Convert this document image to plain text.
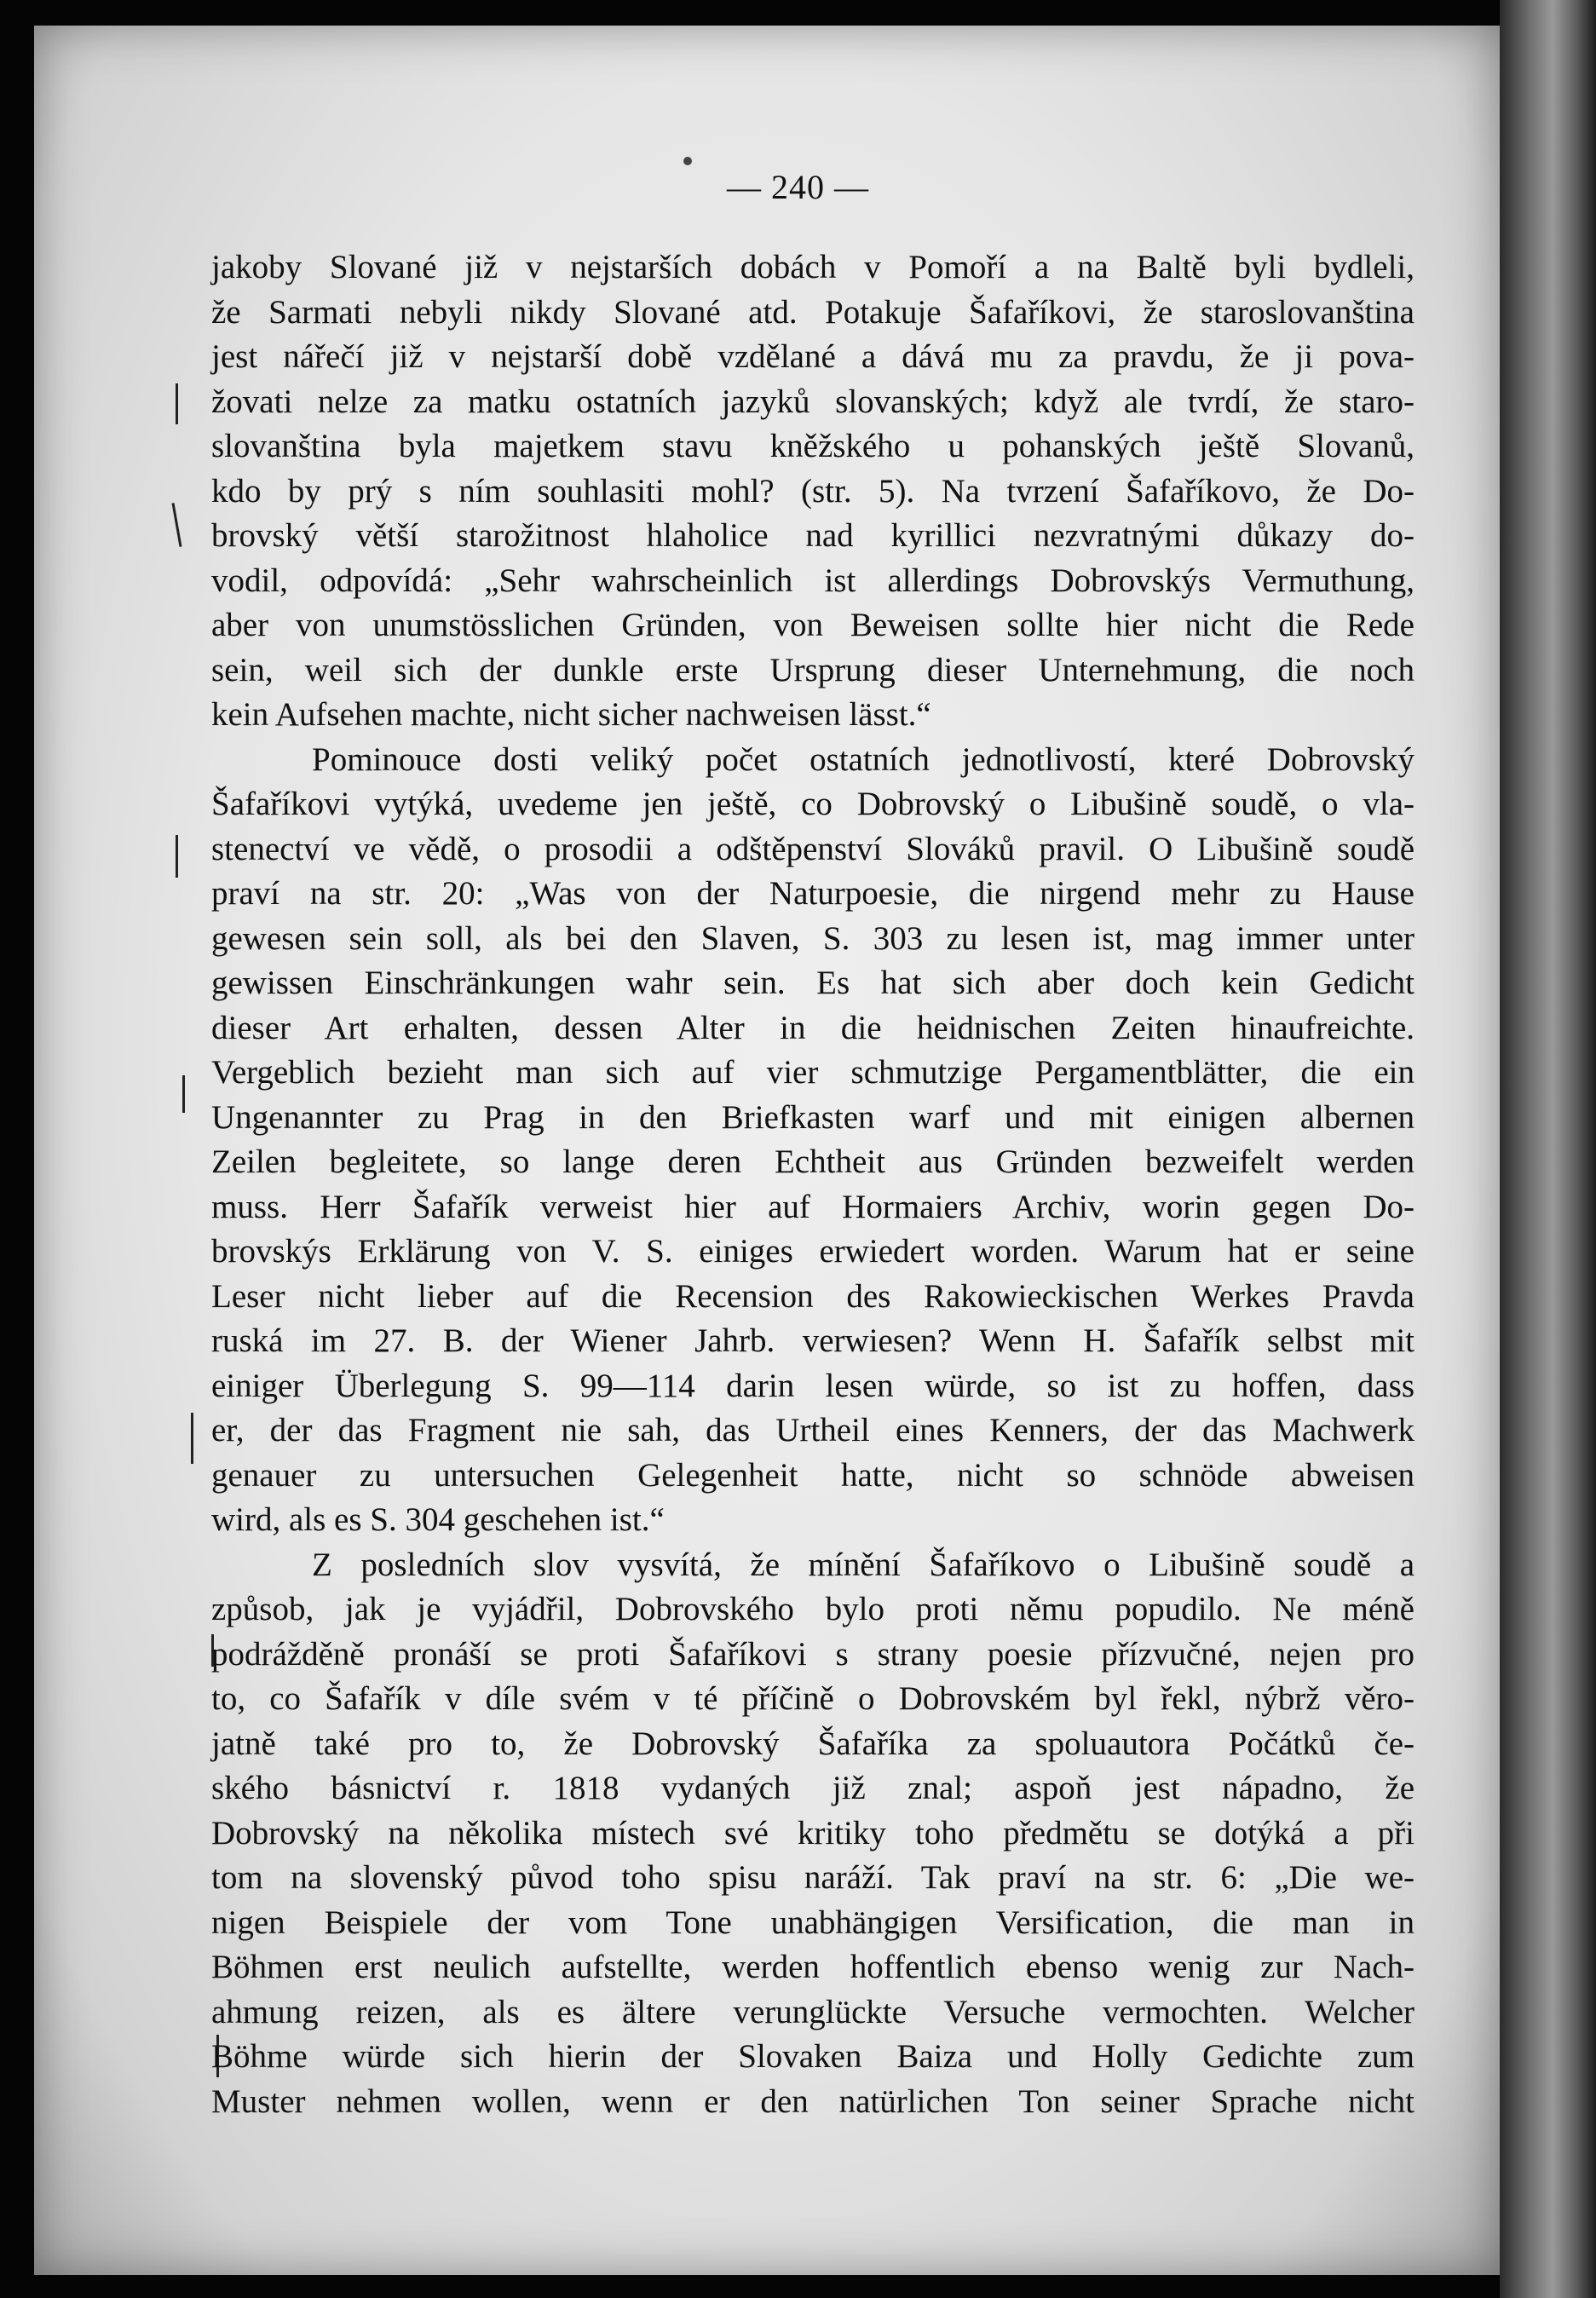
— 240 —
jakoby Slované již v nejstarších dobách v Pomoří a na Baltě byli bydleli,
že Sarmati nebyli nikdy Slované atd. Potakuje Šafaříkovi, že staroslovanština
jest nářečí již v nejstarší době vzdělané a dává mu za pravdu, že ji pova-
žovati nelze za matku ostatních jazyků slovanských; když ale tvrdí, že staro-
slovanština byla majetkem stavu kněžského u pohanských ještě Slovanů,
kdo by prý s ním souhlasiti mohl? (str. 5). Na tvrzení Šafaříkovo, že Do-
brovský větší starožitnost hlaholice nad kyrillici nezvratnými důkazy do-
vodil, odpovídá: „Sehr wahrscheinlich ist allerdings Dobrovskýs Vermuthung,
aber von unumstösslichen Gründen, von Beweisen sollte hier nicht die Rede
sein, weil sich der dunkle erste Ursprung dieser Unternehmung, die noch
kein Aufsehen machte, nicht sicher nachweisen lässt.“
Pominouce dosti veliký počet ostatních jednotlivostí, které Dobrovský
Šafaříkovi vytýká, uvedeme jen ještě, co Dobrovský o Libušině soudě, o vla-
stenectví ve vědě, o prosodii a odštěpenství Slováků pravil. O Libušině soudě
praví na str. 20: „Was von der Naturpoesie, die nirgend mehr zu Hause
gewesen sein soll, als bei den Slaven, S. 303 zu lesen ist, mag immer unter
gewissen Einschränkungen wahr sein. Es hat sich aber doch kein Gedicht
dieser Art erhalten, dessen Alter in die heidnischen Zeiten hinaufreichte.
Vergeblich bezieht man sich auf vier schmutzige Pergamentblätter, die ein
Ungenannter zu Prag in den Briefkasten warf und mit einigen albernen
Zeilen begleitete, so lange deren Echtheit aus Gründen bezweifelt werden
muss. Herr Šafařík verweist hier auf Hormaiers Archiv, worin gegen Do-
brovskýs Erklärung von V. S. einiges erwiedert worden. Warum hat er seine
Leser nicht lieber auf die Recension des Rakowieckischen Werkes Pravda
ruská im 27. B. der Wiener Jahrb. verwiesen? Wenn H. Šafařík selbst mit
einiger Überlegung S. 99—114 darin lesen würde, so ist zu hoffen, dass
er, der das Fragment nie sah, das Urtheil eines Kenners, der das Machwerk
genauer zu untersuchen Gelegenheit hatte, nicht so schnöde abweisen
wird, als es S. 304 geschehen ist.“
Z posledních slov vysvítá, že mínění Šafaříkovo o Libušině soudě a
způsob, jak je vyjádřil, Dobrovského bylo proti němu popudilo. Ne méně
podrážděně pronáší se proti Šafaříkovi s strany poesie přízvučné, nejen pro
to, co Šafařík v díle svém v té příčině o Dobrovském byl řekl, nýbrž věro-
jatně také pro to, že Dobrovský Šafaříka za spoluautora Počátků če-
ského básnictví r. 1818 vydaných již znal; aspoň jest nápadno, že
Dobrovský na několika místech své kritiky toho předmětu se dotýká a při
tom na slovenský původ toho spisu naráží. Tak praví na str. 6: „Die we-
nigen Beispiele der vom Tone unabhängigen Versification, die man in
Böhmen erst neulich aufstellte, werden hoffentlich ebenso wenig zur Nach-
ahmung reizen, als es ältere verunglückte Versuche vermochten. Welcher
Böhme würde sich hierin der Slovaken Baiza und Holly Gedichte zum
Muster nehmen wollen, wenn er den natürlichen Ton seiner Sprache nicht
